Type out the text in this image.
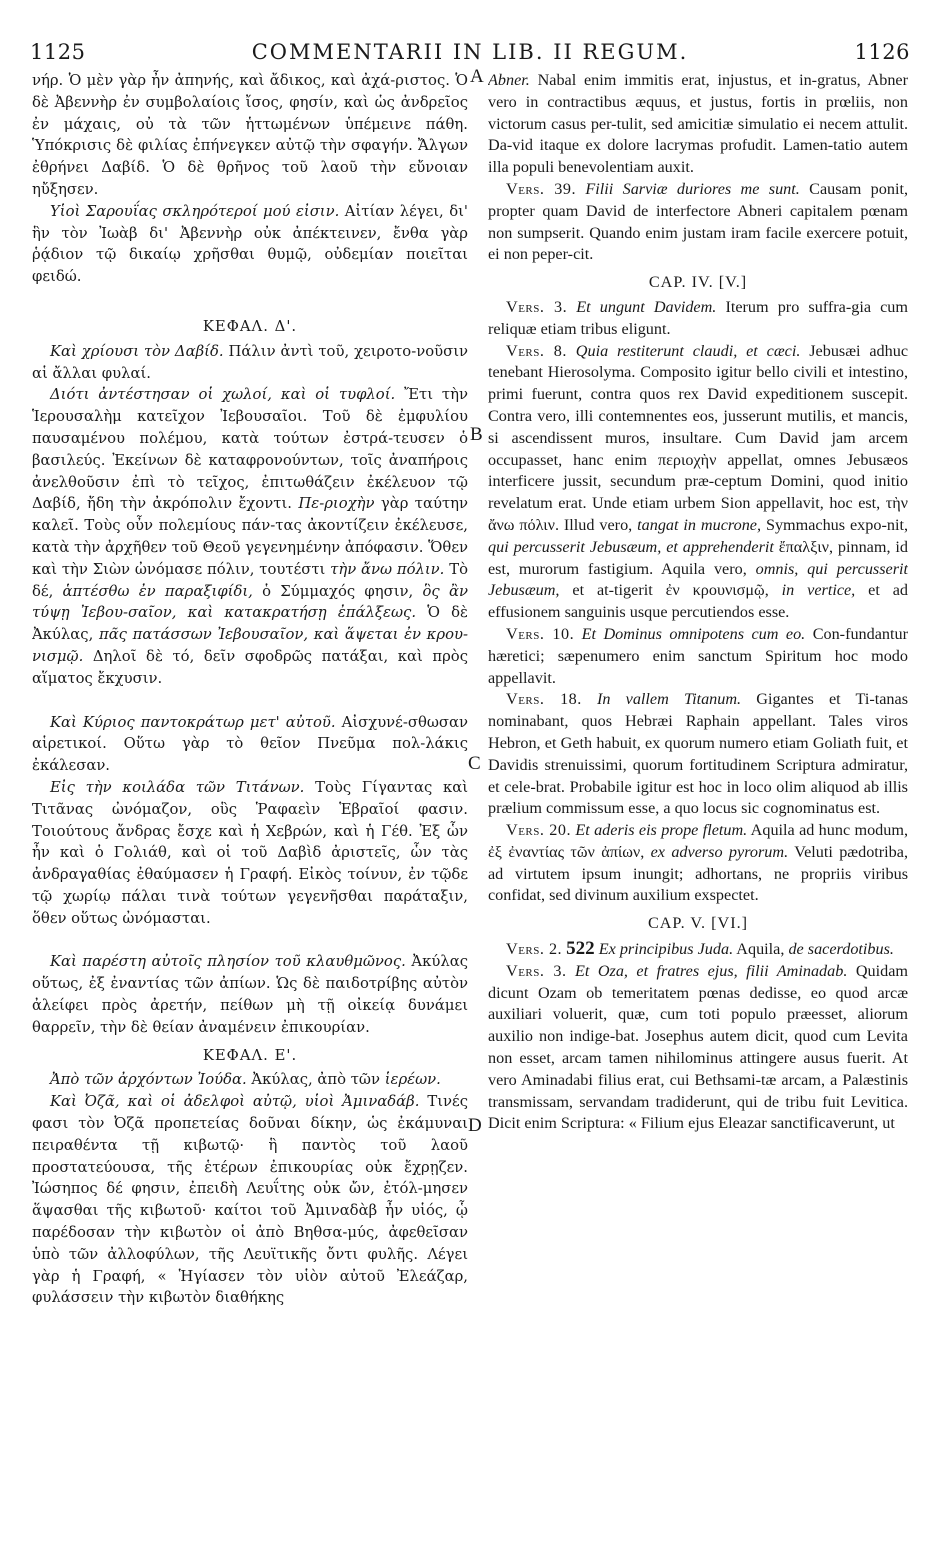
1125	COMMENTARII IN LIB. II REGUM.	1126
A
B
C
D

νήρ. Ὁ μὲν γὰρ ἦν ἀπηνής, καὶ ἄδικος, καὶ ἀχά-ριστος. Ὁ δὲ Ἀβεννὴρ ἐν συμβολαίοις ἴσος, φησίν, καὶ ὡς ἀνδρεῖος ἐν μάχαις, οὐ τὰ τῶν ἡττωμένων ὑπέμεινε πάθη. Ὑπόκρισις δὲ φιλίας ἐπήνεγκεν αὐτῷ τὴν σφαγήν. Ἄλγων ἐθρήνει Δαβίδ. Ὁ δὲ θρῆνος τοῦ λαοῦ τὴν εὔνοιαν ηὔξησεν.

Υἱοὶ Σαρουΐας σκληρότεροί μού εἰσιν. Αἰτίαν λέγει, δι' ἣν τὸν Ἰωὰβ δι' Ἀβεννὴρ οὐκ ἀπέκτεινεν, ἔνθα γὰρ ῥᾴδιον τῷ δικαίῳ χρῆσθαι θυμῷ, οὐδεμίαν ποιεῖται φειδώ.

ΚΕΦΑΛ. Δ'.

Καὶ χρίουσι τὸν Δαβίδ. Πάλιν ἀντὶ τοῦ, χειροτο-νοῦσιν αἱ ἄλλαι φυλαί.

Διότι ἀντέστησαν οἱ χωλοί, καὶ οἱ τυφλοί. Ἔτι τὴν Ἱερουσαλὴμ κατεῖχον Ἰεβουσαῖοι. Τοῦ δὲ ἐμφυλίου παυσαμένου πολέμου, κατὰ τούτων ἐστρά-τευσεν ὁ βασιλεύς. Ἐκείνων δὲ καταφρονούντων, τοῖς ἀναπήροις ἀνελθοῦσιν ἐπὶ τὸ τεῖχος, ἐπιτωθάζειν ἐκέλευον τῷ Δαβίδ, ἤδη τὴν ἀκρόπολιν ἔχοντι. Πε-ριοχὴν γὰρ ταύτην καλεῖ. Τοὺς οὖν πολεμίους πάν-τας ἀκοντίζειν ἐκέλευσε, κατὰ τὴν ἀρχῆθεν τοῦ Θεοῦ γεγενημένην ἀπόφασιν. Ὅθεν καὶ τὴν Σιὼν ὠνόμασε πόλιν, τουτέστι τὴν ἄνω πόλιν. Τὸ δέ, ἁπτέσθω ἐν παραξιφίδι, ὁ Σύμμαχός φησιν, ὃς ἂν τύψῃ Ἰεβου-σαῖον, καὶ κατακρατήσῃ ἐπάλξεως. Ὁ δὲ Ἀκύλας, πᾶς πατάσσων Ἰεβουσαῖον, καὶ ἅψεται ἐν κρου-νισμῷ. Δηλοῖ δὲ τό, δεῖν σφοδρῶς πατάξαι, καὶ πρὸς αἵματος ἔκχυσιν.

Καὶ Κύριος παντοκράτωρ μετ' αὐτοῦ. Αἰσχυνέ-σθωσαν αἱρετικοί. Οὕτω γὰρ τὸ θεῖον Πνεῦμα πολ-λάκις ἐκάλεσαν.

Εἰς τὴν κοιλάδα τῶν Τιτάνων. Τοὺς Γίγαντας καὶ Τιτᾶνας ὠνόμαζον, οὓς Ῥαφαεὶν Ἑβραῖοί φασιν. Τοιούτους ἄνδρας ἔσχε καὶ ἡ Χεβρών, καὶ ἡ Γέθ. Ἐξ ὧν ἦν καὶ ὁ Γολιάθ, καὶ οἱ τοῦ Δαβὶδ ἀριστεῖς, ὧν τὰς ἀνδραγαθίας ἐθαύμασεν ἡ Γραφή. Εἰκὸς τοίνυν, ἐν τῷδε τῷ χωρίῳ πάλαι τινὰ τούτων γεγενῆσθαι παράταξιν, ὅθεν οὕτως ὠνόμασται.

Καὶ παρέστη αὐτοῖς πλησίον τοῦ κλαυθμῶνος. Ἀκύλας οὕτως, ἐξ ἐναντίας τῶν ἀπίων. Ὡς δὲ παιδοτρίβης αὐτὸν ἀλείφει πρὸς ἀρετήν, πείθων μὴ τῇ οἰκείᾳ δυνάμει θαρρεῖν, τὴν δὲ θείαν ἀναμένειν ἐπικουρίαν.

ΚΕΦΑΛ. Ε'.

Ἀπὸ τῶν ἀρχόντων Ἰούδα. Ἀκύλας, ἀπὸ τῶν ἱερέων.

Καὶ Ὀζᾶ, καὶ οἱ ἀδελφοὶ αὐτῷ, υἱοὶ Ἀμιναδάβ. Τινές φασι τὸν Ὀζᾶ προπετείας δοῦναι δίκην, ὡς ἐκάμυναι πειραθέντα τῇ κιβωτῷ· ἣ παντὸς τοῦ λαοῦ προστατεύουσα, τῆς ἑτέρων ἐπικουρίας οὐκ ἔχρῃζεν. Ἰώσηπος δέ φησιν, ἐπειδὴ Λευΐτης οὐκ ὤν, ἐτόλ-μησεν ἅψασθαι τῆς κιβωτοῦ· καίτοι τοῦ Ἀμιναδὰβ ἦν υἱός, ᾧ παρέδοσαν τὴν κιβωτὸν οἱ ἀπὸ Βηθσα-μύς, ἀφεθεῖσαν ὑπὸ τῶν ἀλλοφύλων, τῆς Λευϊτικῆς ὄντι φυλῆς. Λέγει γὰρ ἡ Γραφή, « Ἡγίασεν τὸν υἱὸν αὐτοῦ Ἐλεάζαρ, φυλάσσειν τὴν κιβωτὸν διαθήκης

Abner. Nabal enim immitis erat, injustus, et in-gratus, Abner vero in contractibus æquus, et justus, fortis in prœliis, non victorum casus per-tulit, sed amicitiæ simulatio ei necem attulit. Da-vid itaque ex dolore lacrymas profudit. Lamen-tatio autem illa populi benevolentiam auxit.

Vers. 39. Filii Sarviæ duriores me sunt. Causam ponit, propter quam David de interfectore Abneri capitalem pœnam non sumpserit. Quando enim justam iram facile exercere potuit, ei non peper-cit.

CAP. IV. [V.]

Vers. 3. Et ungunt Davidem. Iterum pro suffra-gia cum reliquæ etiam tribus eligunt.

Vers. 8. Quia restiterunt claudi, et cæci. Jebusæi adhuc tenebant Hierosolyma. Composito igitur bello civili et intestino, primi fuerunt, contra quos rex David expeditionem suscepit. Contra vero, illi contemnentes eos, jusserunt mutilis, et mancis, si ascendissent muros, insultare. Cum David jam arcem occupasset, hanc enim περιοχὴν appellat, omnes Jebusæos interficere jussit, secundum præ-ceptum Domini, quod initio revelatum erat. Unde etiam urbem Sion appellavit, hoc est, τὴν ἄνω πόλιν. Illud vero, tangat in mucrone, Symmachus expo-nit, qui percusserit Jebusæum, et apprehenderit ἔπαλξιν, pinnam, id est, murorum fastigium. Aquila vero, omnis, qui percusserit Jebusæum, et at-tigerit ἐν κρουνισμῷ, in vertice, et ad effusionem sanguinis usque percutiendos esse.

Vers. 10. Et Dominus omnipotens cum eo. Con-fundantur hæretici; sæpenumero enim sanctum Spiritum hoc modo appellavit.

Vers. 18. In vallem Titanum. Gigantes et Ti-tanas nominabant, quos Hebræi Raphain appellant. Tales viros Hebron, et Geth habuit, ex quorum numero etiam Goliath fuit, et Davidis strenuissimi, quorum fortitudinem Scriptura admiratur, et cele-brat. Probabile igitur est hoc in loco olim aliquod ab illis prælium commissum esse, a quo locus sic cognominatus est.

Vers. 20. Et aderis eis prope fletum. Aquila ad hunc modum, ἐξ ἐναντίας τῶν ἀπίων, ex adverso pyrorum. Veluti pædotriba, ad virtutem ipsum inungit; adhortans, ne propriis viribus confidat, sed divinum auxilium exspectet.

CAP. V. [VI.]

Vers. 2. 522 Ex principibus Juda. Aquila, de sacerdotibus.

Vers. 3. Et Oza, et fratres ejus, filii Aminadab. Quidam dicunt Ozam ob temeritatem pœnas dedisse, eo quod arcæ auxiliari voluerit, quæ, cum toti populo præesset, aliorum auxilio non indige-bat. Josephus autem dicit, quod cum Levita non esset, arcam tamen nihilominus attingere ausus fuerit. At vero Aminadabi filius erat, cui Bethsami-tæ arcam, a Palæstinis transmissam, servandam tradiderunt, qui de tribu fuit Levitica. Dicit enim Scriptura: « Filium ejus Eleazar sanctificaverunt, ut
